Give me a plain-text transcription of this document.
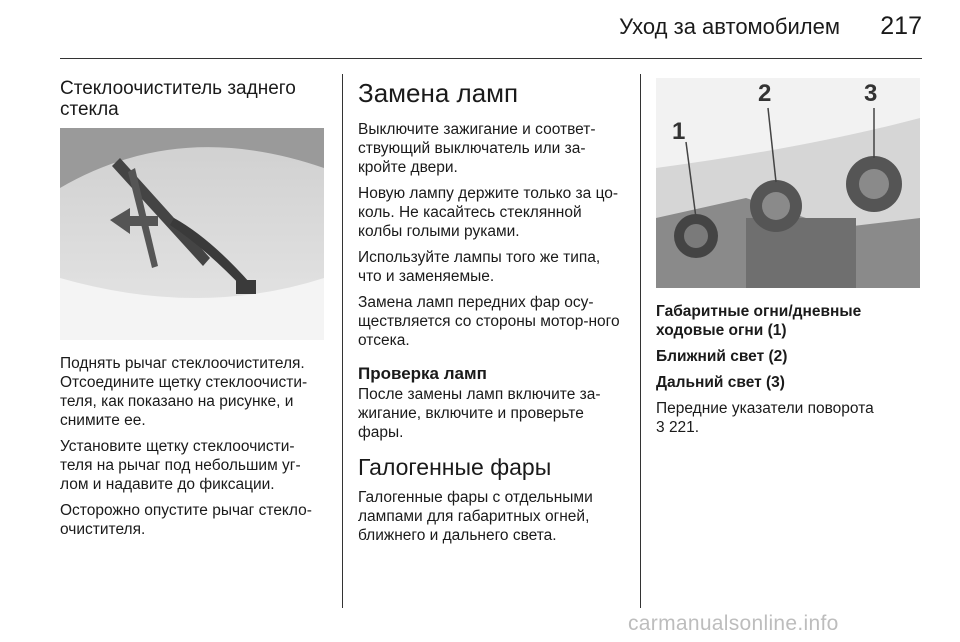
Уход за автомобилем	217
Стеклоочиститель заднего стекла

Поднять рычаг стеклоочистителя. Отсоедините щетку стеклоочисти-теля, как показано на рисунке, и снимите ее.

Установите щетку стеклоочисти-теля на рычаг под небольшим уг-лом и надавите до фиксации.

Осторожно опустите рычаг стекло-очистителя.

Замена ламп

Выключите зажигание и соответ-ствующий выключатель или за-кройте двери.

Новую лампу держите только за цо-коль. Не касайтесь стеклянной колбы голыми руками.

Используйте лампы того же типа, что и заменяемые.

Замена ламп передних фар осу-ществляется со стороны мотор-ного отсека.

Проверка ламп

После замены ламп включите за-жигание, включите и проверьте фары.

Галогенные фары

Галогенные фары с отдельными лампами для габаритных огней, ближнего и дальнего света.

1
2	3

Габаритные огни/дневные ходовые огни (1)

Ближний свет (2)

Дальний свет (3)

Передние указатели поворота
3 221.

carmanualsonline.info
